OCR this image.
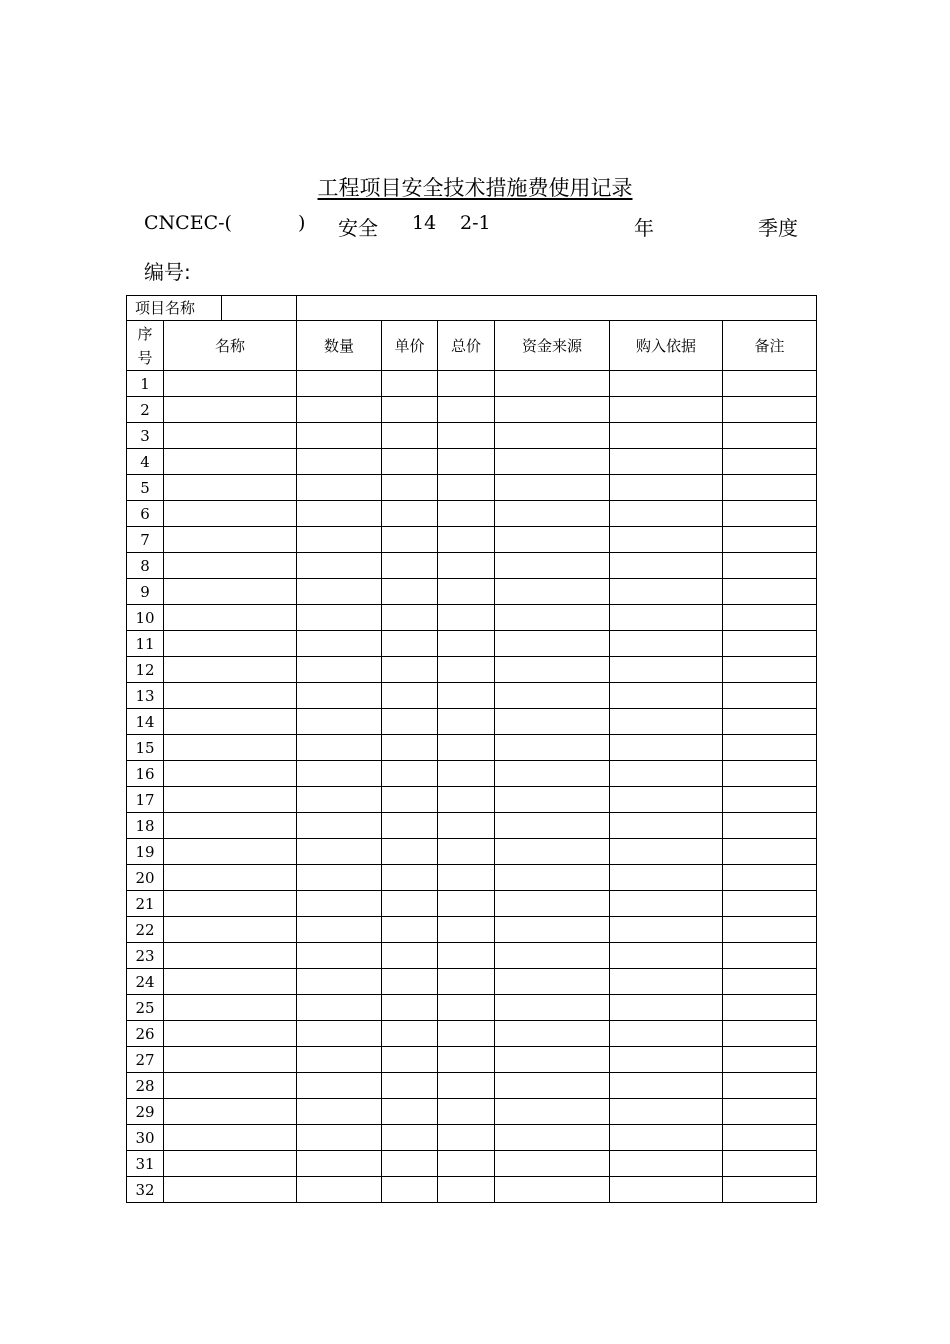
工程项目安全技术措施费使用记录
CNCEC-(	) 安全 14 2-1	年	季度
编号:
项目名称							

序
号	名称	数量	单价	总价	资金来源	购入依据	备注
1							
2							
3							
4							
5							
6							
7							
8							
9							
10							
11							
12							
13							
14							
15							
16							
17							
18							
19							
20							
21							
22							
23							
24							
25							
26							
27							
28							
29							
30							
31							
32							
